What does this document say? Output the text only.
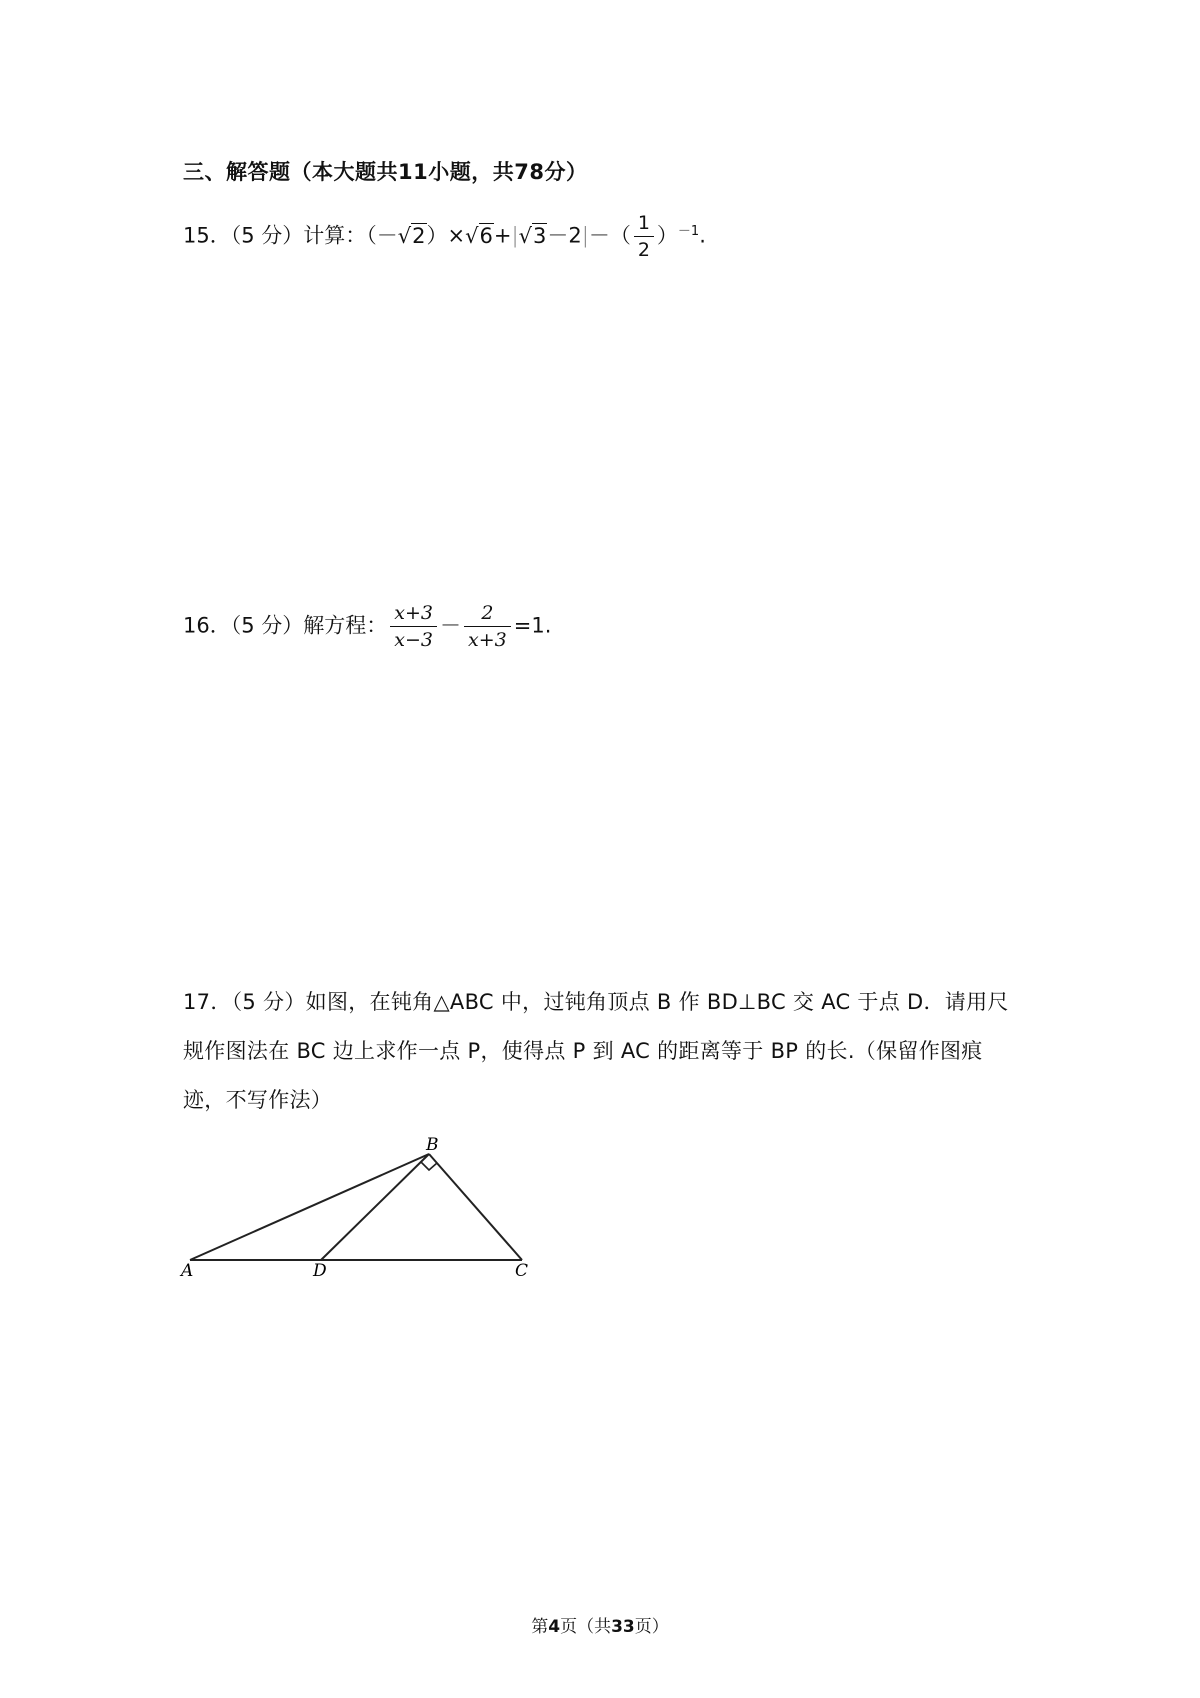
三、解答题（本大题共11小题，共78分）
15．（5 分）计算：$(-√2)\times√6+|√3-2|-( \frac{1}{2} )^{-1}$.
16．（5 分）解方程： $\frac{x+3}{x-3} - \frac{2}{x+3} =1$.
17．（5 分）如图，在钝角△ABC 中，过钝角顶点 B 作 BD⊥BC 交 AC 于点 D．请用尺规作图法在 BC 边上求作一点 P，使得点 P 到 AC 的距离等于 BP 的长.（保留作图痕迹，不写作法）
B
A	D	C
第4页（共33页）
